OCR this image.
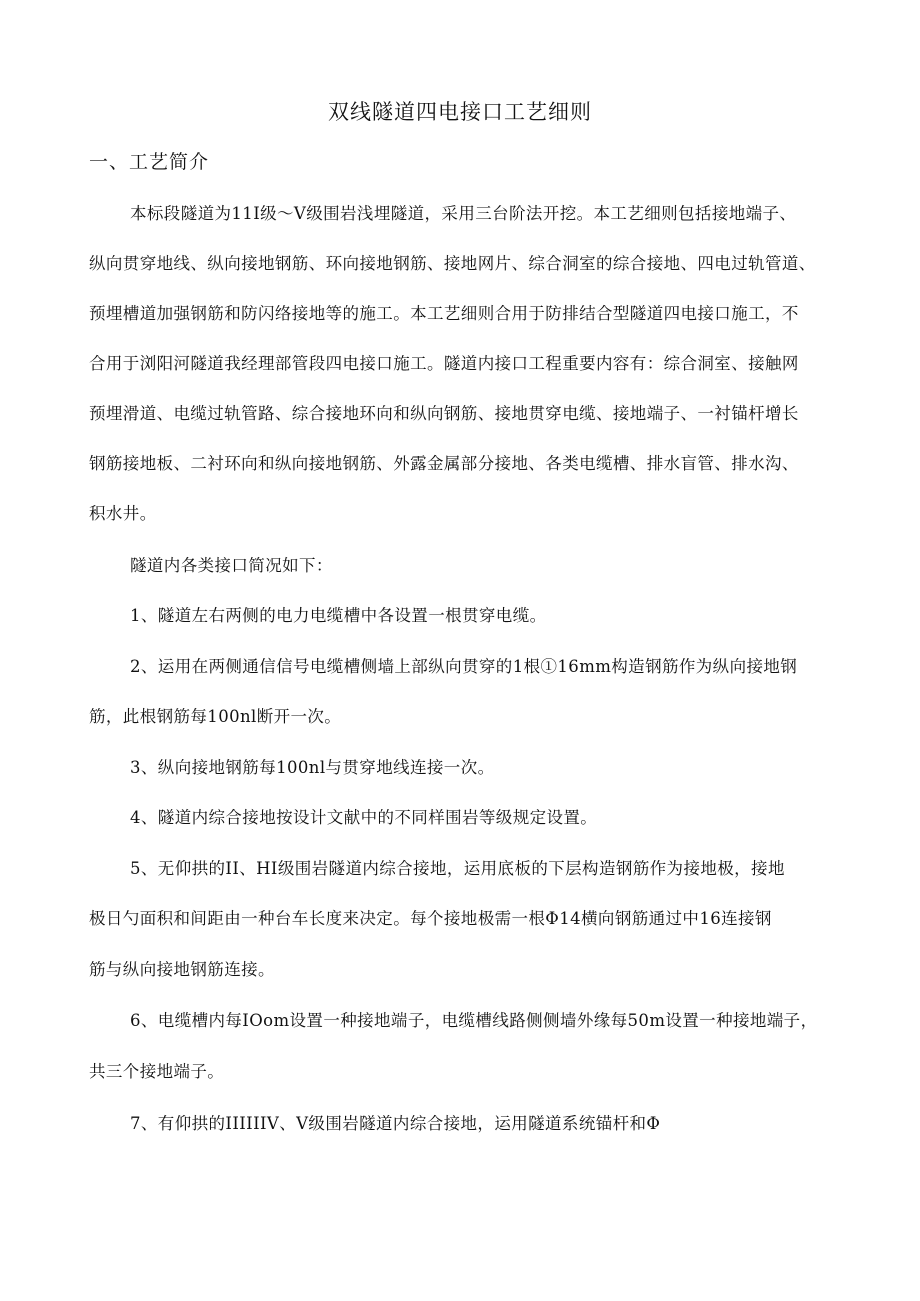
双线隧道四电接口工艺细则
一、工艺简介
本标段隧道为11I级～V级围岩浅埋隧道，采用三台阶法开挖。本工艺细则包括接地端子、
纵向贯穿地线、纵向接地钢筋、环向接地钢筋、接地网片、综合洞室的综合接地、四电过轨管道、
预埋槽道加强钢筋和防闪络接地等的施工。本工艺细则合用于防排结合型隧道四电接口施工，不
合用于浏阳河隧道我经理部管段四电接口施工。隧道内接口工程重要内容有：综合洞室、接触网
预埋滑道、电缆过轨管路、综合接地环向和纵向钢筋、接地贯穿电缆、接地端子、一衬锚杆增长
钢筋接地板、二衬环向和纵向接地钢筋、外露金属部分接地、各类电缆槽、排水盲管、排水沟、
积水井。
隧道内各类接口简况如下：
1、隧道左右两侧的电力电缆槽中各设置一根贯穿电缆。
2、运用在两侧通信信号电缆槽侧墙上部纵向贯穿的1根①16mm构造钢筋作为纵向接地钢
筋，此根钢筋每100nl断开一次。
3、纵向接地钢筋每100nl与贯穿地线连接一次。
4、隧道内综合接地按设计文献中的不同样围岩等级规定设置。
5、无仰拱的II、HI级围岩隧道内综合接地，运用底板的下层构造钢筋作为接地极，接地
极日勺面积和间距由一种台车长度来决定。每个接地极需一根Φ14横向钢筋通过中16连接钢
筋与纵向接地钢筋连接。
6、电缆槽内每IOom设置一种接地端子，电缆槽线路侧侧墙外缘每50m设置一种接地端子，
共三个接地端子。
7、有仰拱的IIIIIIV、V级围岩隧道内综合接地，运用隧道系统锚杆和Φ
